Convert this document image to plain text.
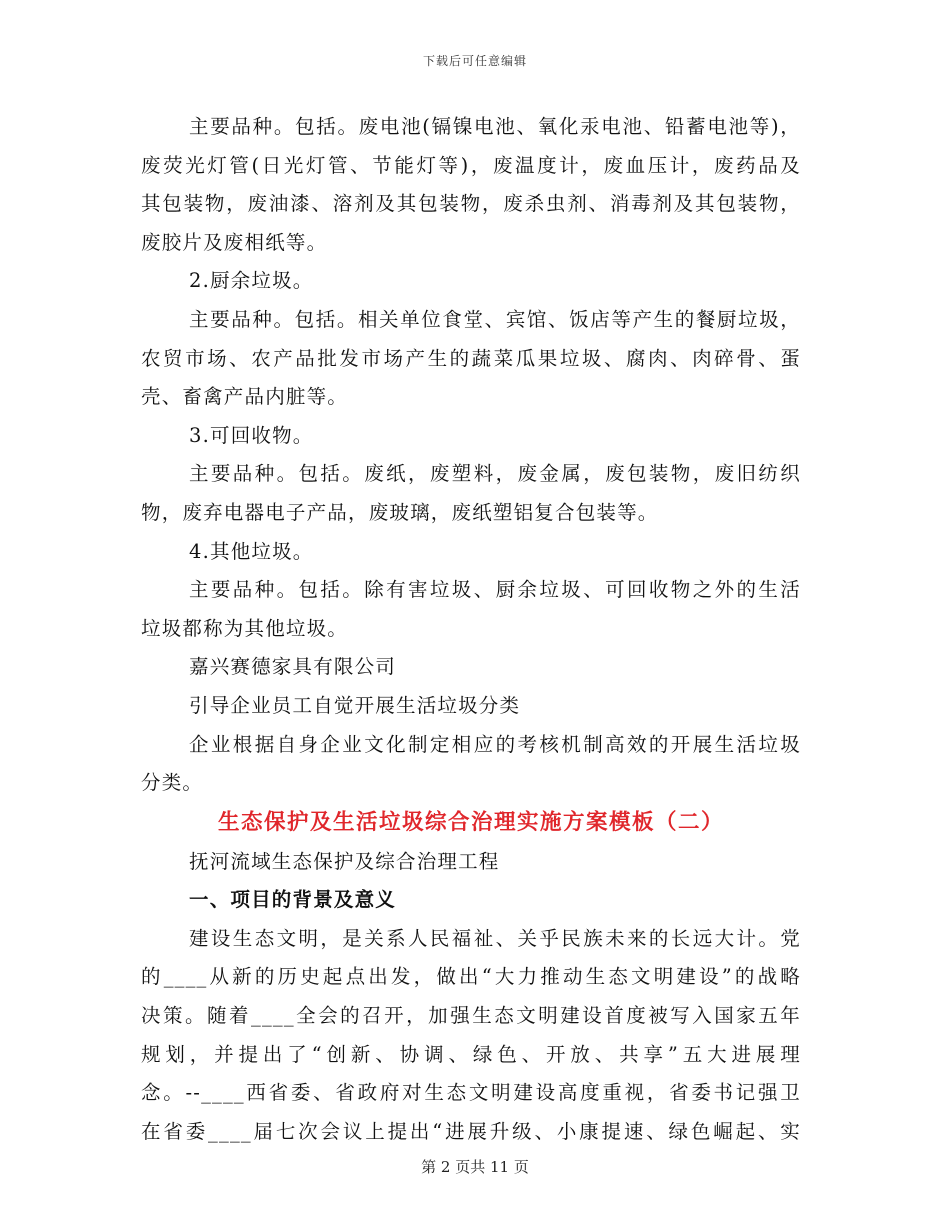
下载后可任意编辑
主要品种。包括。废电池(镉镍电池、氧化汞电池、铅蓄电池等)，
废荧光灯管(日光灯管、节能灯等)，废温度计，废血压计，废药品及
其包装物，废油漆、溶剂及其包装物，废杀虫剂、消毒剂及其包装物，
废胶片及废相纸等。
2.厨余垃圾。
主要品种。包括。相关单位食堂、宾馆、饭店等产生的餐厨垃圾，
农贸市场、农产品批发市场产生的蔬菜瓜果垃圾、腐肉、肉碎骨、蛋
壳、畜禽产品内脏等。
3.可回收物。
主要品种。包括。废纸，废塑料，废金属，废包装物，废旧纺织
物，废弃电器电子产品，废玻璃，废纸塑铝复合包装等。
4.其他垃圾。
主要品种。包括。除有害垃圾、厨余垃圾、可回收物之外的生活
垃圾都称为其他垃圾。
嘉兴赛德家具有限公司
引导企业员工自觉开展生活垃圾分类
企业根据自身企业文化制定相应的考核机制高效的开展生活垃圾
分类。
生态保护及生活垃圾综合治理实施方案模板（二）
抚河流域生态保护及综合治理工程
一、项目的背景及意义
建设生态文明，是关系人民福祉、关乎民族未来的长远大计。党
的____从新的历史起点出发，做出“大力推动生态文明建设”的战略
决策。随着____全会的召开，加强生态文明建设首度被写入国家五年
规划，并提出了“创新、协调、绿色、开放、共享”五大进展理
念。--____西省委、省政府对生态文明建设高度重视，省委书记强卫
在省委____届七次会议上提出“进展升级、小康提速、绿色崛起、实
第 2 页共 11 页
